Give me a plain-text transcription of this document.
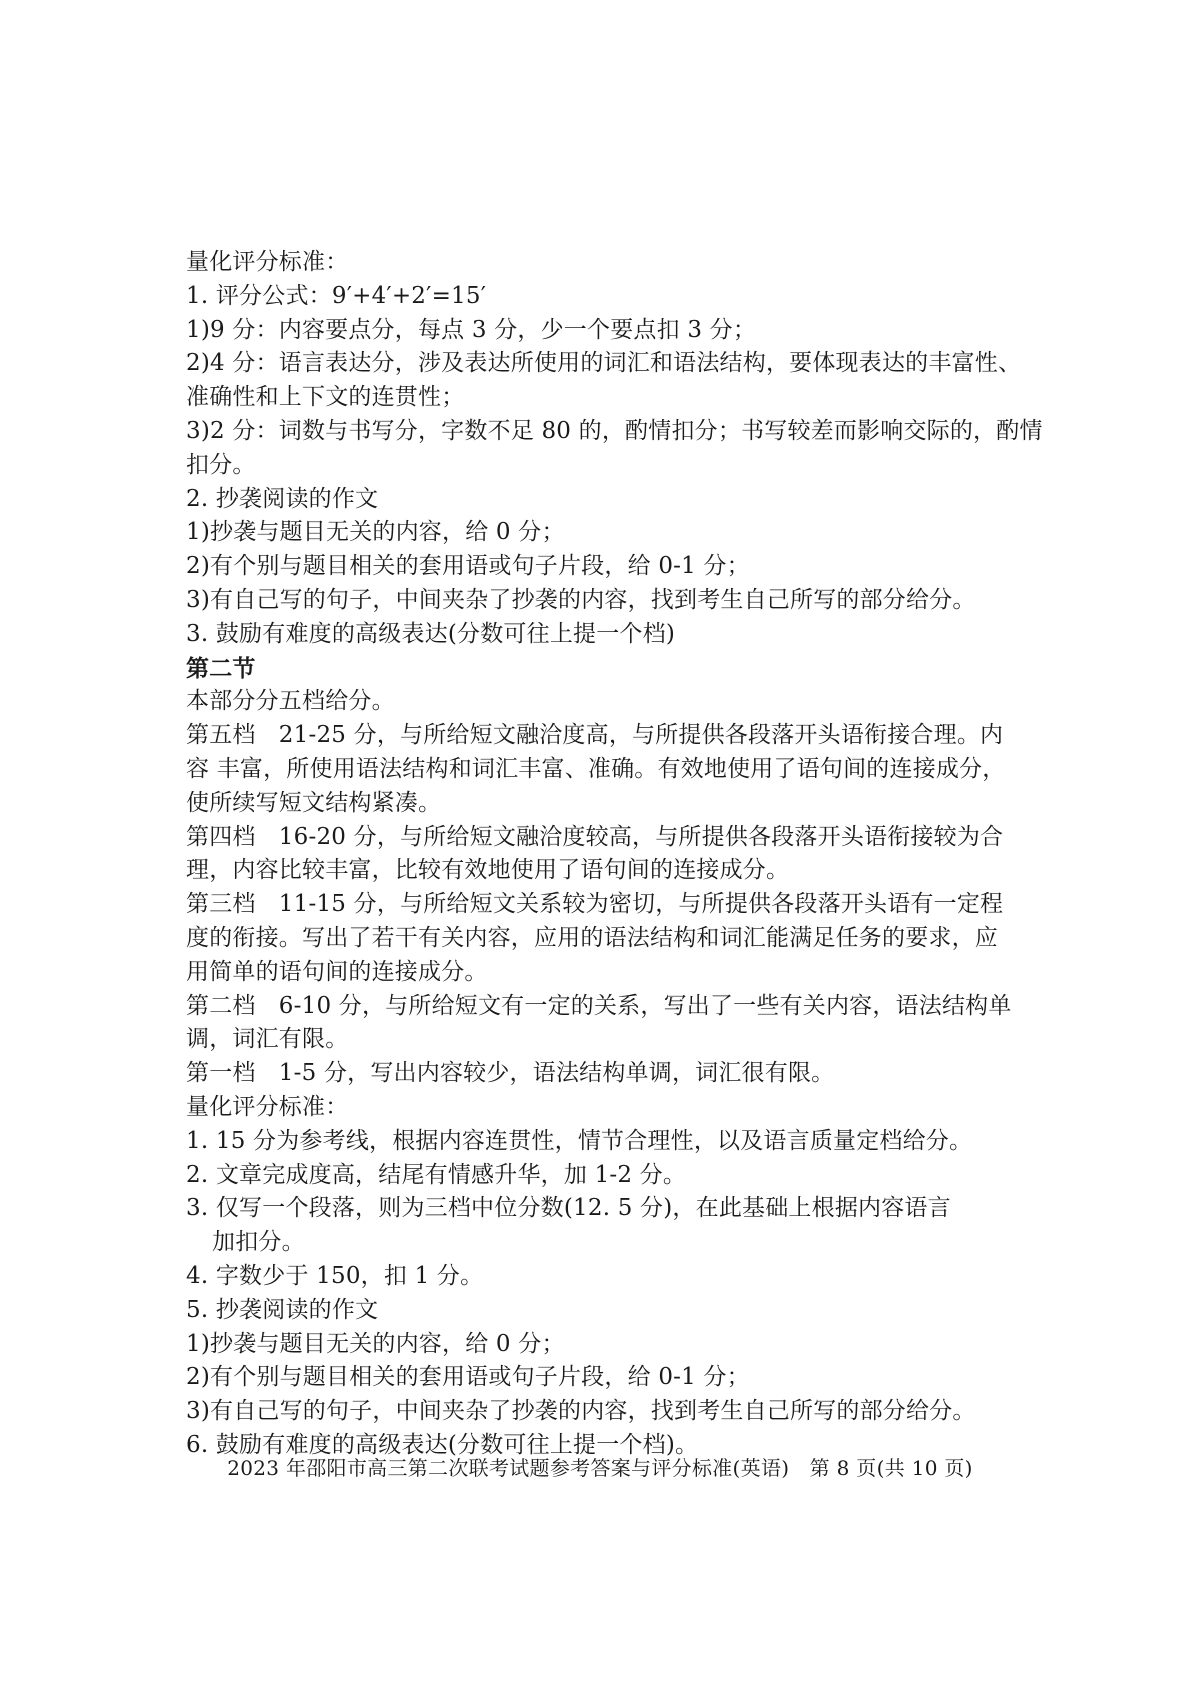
量化评分标准：
1. 评分公式：9′+4′+2′=15′
1)9 分：内容要点分，每点 3 分，少一个要点扣 3 分；
2)4 分：语言表达分，涉及表达所使用的词汇和语法结构，要体现表达的丰富性、
准确性和上下文的连贯性；
3)2 分：词数与书写分，字数不足 80 的，酌情扣分；书写较差而影响交际的，酌情
扣分。
2. 抄袭阅读的作文
1)抄袭与题目无关的内容，给 0 分；
2)有个别与题目相关的套用语或句子片段，给 0-1 分；
3)有自己写的句子，中间夹杂了抄袭的内容，找到考生自己所写的部分给分。
3. 鼓励有难度的高级表达(分数可往上提一个档)
第二节
本部分分五档给分。
第五档　21-25 分，与所给短文融洽度高，与所提供各段落开头语衔接合理。内
容 丰富，所使用语法结构和词汇丰富、准确。有效地使用了语句间的连接成分，
使所续写短文结构紧凑。
第四档　16-20 分，与所给短文融洽度较高，与所提供各段落开头语衔接较为合
理，内容比较丰富，比较有效地使用了语句间的连接成分。
第三档　11-15 分，与所给短文关系较为密切，与所提供各段落开头语有一定程
度的衔接。写出了若干有关内容，应用的语法结构和词汇能满足任务的要求，应
用简单的语句间的连接成分。
第二档　6-10 分，与所给短文有一定的关系，写出了一些有关内容，语法结构单
调，词汇有限。
第一档　1-5 分，写出内容较少，语法结构单调，词汇很有限。
量化评分标准：
1. 15 分为参考线，根据内容连贯性，情节合理性，以及语言质量定档给分。
2. 文章完成度高，结尾有情感升华，加 1-2 分。
3. 仅写一个段落，则为三档中位分数(12. 5 分)，在此基础上根据内容语言
加扣分。
4. 字数少于 150，扣 1 分。
5. 抄袭阅读的作文
1)抄袭与题目无关的内容，给 0 分；
2)有个别与题目相关的套用语或句子片段，给 0-1 分；
3)有自己写的句子，中间夹杂了抄袭的内容，找到考生自己所写的部分给分。
6. 鼓励有难度的高级表达(分数可往上提一个档)。
2023 年邵阳市高三第二次联考试题参考答案与评分标准(英语)　第 8 页(共 10 页)
